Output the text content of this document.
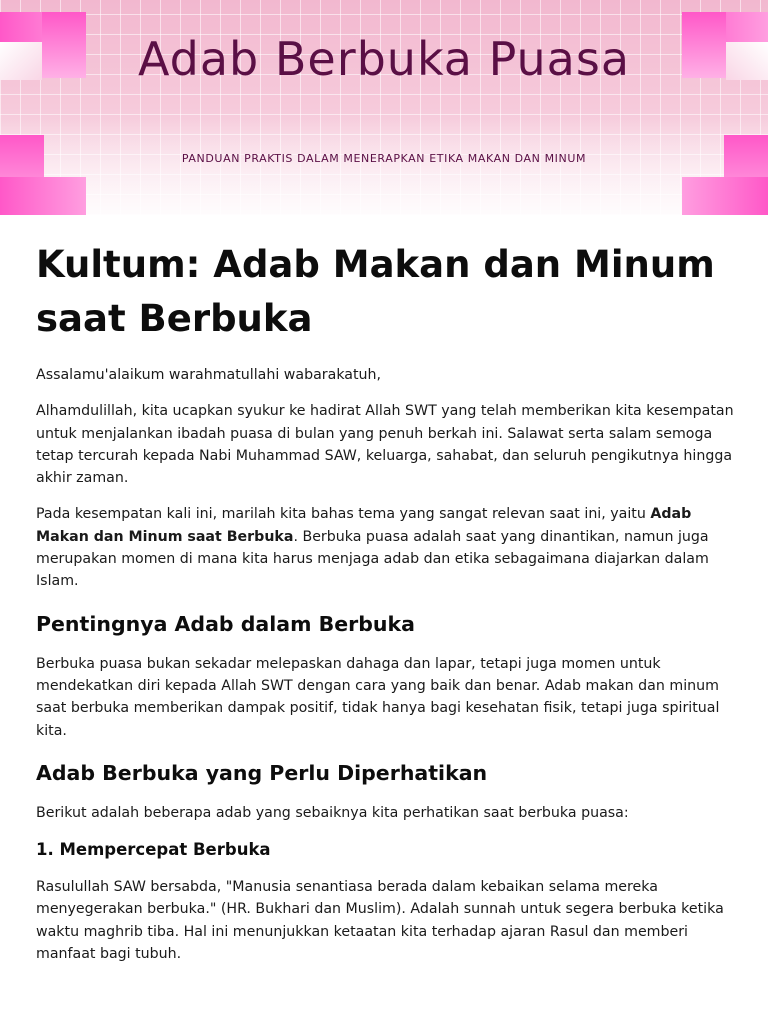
Adab Berbuka Puasa
PANDUAN PRAKTIS DALAM MENERAPKAN ETIKA MAKAN DAN MINUM
Kultum: Adab Makan dan Minum saat Berbuka

Assalamu'alaikum warahmatullahi wabarakatuh,

Alhamdulillah, kita ucapkan syukur ke hadirat Allah SWT yang telah memberikan kita kesempatan untuk menjalankan ibadah puasa di bulan yang penuh berkah ini. Salawat serta salam semoga tetap tercurah kepada Nabi Muhammad SAW, keluarga, sahabat, dan seluruh pengikutnya hingga akhir zaman.

Pada kesempatan kali ini, marilah kita bahas tema yang sangat relevan saat ini, yaitu Adab Makan dan Minum saat Berbuka. Berbuka puasa adalah saat yang dinantikan, namun juga merupakan momen di mana kita harus menjaga adab dan etika sebagaimana diajarkan dalam Islam.

Pentingnya Adab dalam Berbuka

Berbuka puasa bukan sekadar melepaskan dahaga dan lapar, tetapi juga momen untuk mendekatkan diri kepada Allah SWT dengan cara yang baik dan benar. Adab makan dan minum saat berbuka memberikan dampak positif, tidak hanya bagi kesehatan fisik, tetapi juga spiritual kita.

Adab Berbuka yang Perlu Diperhatikan

Berikut adalah beberapa adab yang sebaiknya kita perhatikan saat berbuka puasa:

1. Mempercepat Berbuka

Rasulullah SAW bersabda, "Manusia senantiasa berada dalam kebaikan selama mereka menyegerakan berbuka." (HR. Bukhari dan Muslim). Adalah sunnah untuk segera berbuka ketika waktu maghrib tiba. Hal ini menunjukkan ketaatan kita terhadap ajaran Rasul dan memberi manfaat bagi tubuh.
